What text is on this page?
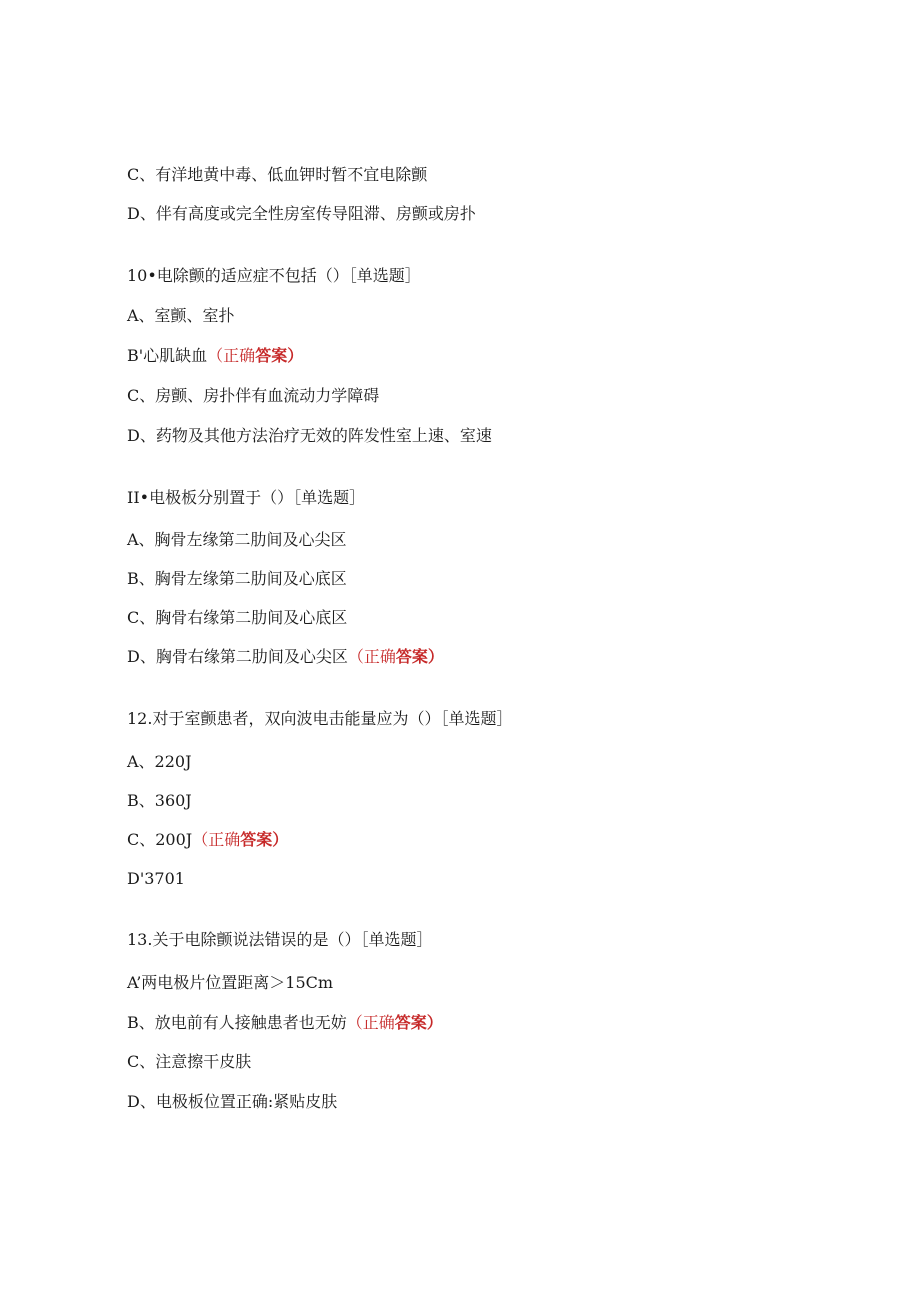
C、有洋地黄中毒、低血钾时暂不宜电除颤
D、伴有高度或完全性房室传导阻滞、房颤或房扑
10•电除颤的适应症不包括（）［单选题］
A、室颤、室扑
B'心肌缺血（正确答案）
C、房颤、房扑伴有血流动力学障碍
D、药物及其他方法治疗无效的阵发性室上速、室速
II•电极板分别置于（）［单选题］
A、胸骨左缘第二肋间及心尖区
B、胸骨左缘第二肋间及心底区
C、胸骨右缘第二肋间及心底区
D、胸骨右缘第二肋间及心尖区（正确答案）
12.对于室颤患者，双向波电击能量应为（）［单选题］
A、220J
B、360J
C、200J（正确答案）
D'3701
13.关于电除颤说法错误的是（）［单选题］
A’两电极片位置距离＞15Cm
B、放电前有人接触患者也无妨（正确答案）
C、注意擦干皮肤
D、电极板位置正确:紧贴皮肤
